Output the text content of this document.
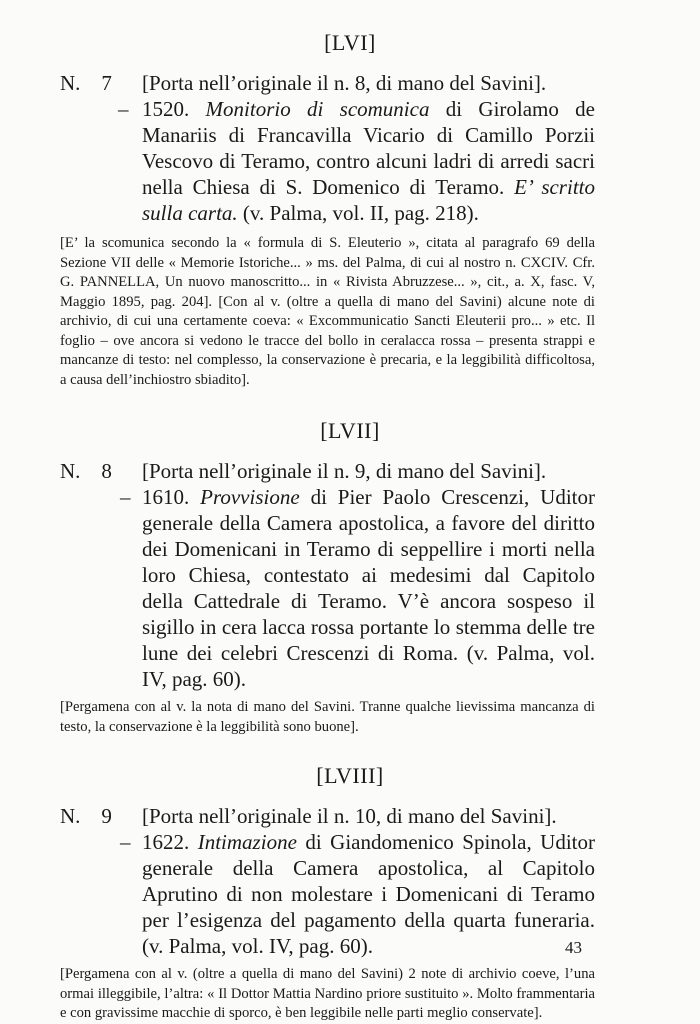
[LVI]
N.    7 [Porta nell’originale il n. 8, di mano del Savini].
– 1520. Monitorio di scomunica di Girolamo de Manariis di Francavilla Vicario di Camillo Porzii Vescovo di Teramo, contro alcuni ladri di arredi sacri nella Chiesa di S. Domenico di Teramo. E’ scritto sulla carta. (v. Palma, vol. II, pag. 218).
[E’ la scomunica secondo la « formula di S. Eleuterio », citata al paragrafo 69 della Sezione VII delle « Memorie Istoriche... » ms. del Palma, di cui al nostro n. CXCIV. Cfr. G. PANNELLA, Un nuovo manoscritto... in « Rivista Abruzzese... », cit., a. X, fasc. V, Maggio 1895, pag. 204]. [Con al v. (oltre a quella di mano del Savini) alcune note di archivio, di cui una certamente coeva: « Excommunicatio Sancti Eleuterii pro... » etc. Il foglio – ove ancora si vedono le tracce del bollo in ceralacca rossa – presenta strappi e mancanze di testo: nel complesso, la conservazione è precaria, e la leggibilità difficoltosa, a causa dell’inchiostro sbiadito].
[LVII]
N.    8 [Porta nell’originale il n. 9, di mano del Savini].
– 1610. Provvisione di Pier Paolo Crescenzi, Uditor generale della Camera apostolica, a favore del diritto dei Domenicani in Teramo di seppellire i morti nella loro Chiesa, contestato ai medesimi dal Capitolo della Cattedrale di Teramo. V’è ancora sospeso il sigillo in cera lacca rossa portante lo stemma delle tre lune dei celebri Crescenzi di Roma. (v. Palma, vol. IV, pag. 60).
[Pergamena con al v. la nota di mano del Savini. Tranne qualche lievissima mancanza di testo, la conservazione è la leggibilità sono buone].
[LVIII]
N.    9 [Porta nell’originale il n. 10, di mano del Savini].
– 1622. Intimazione di Giandomenico Spinola, Uditor generale della Camera apostolica, al Capitolo Aprutino di non molestare i Domenicani di Teramo per l’esigenza del pagamento della quarta funeraria. (v. Palma, vol. IV, pag. 60).
[Pergamena con al v. (oltre a quella di mano del Savini) 2 note di archivio coeve, l’una ormai illeggibile, l’altra: « Il Dottor Mattia Nardino priore sustituito ». Molto frammentaria e con gravissime macchie di sporco, è ben leggibile nelle parti meglio conservate].
43
